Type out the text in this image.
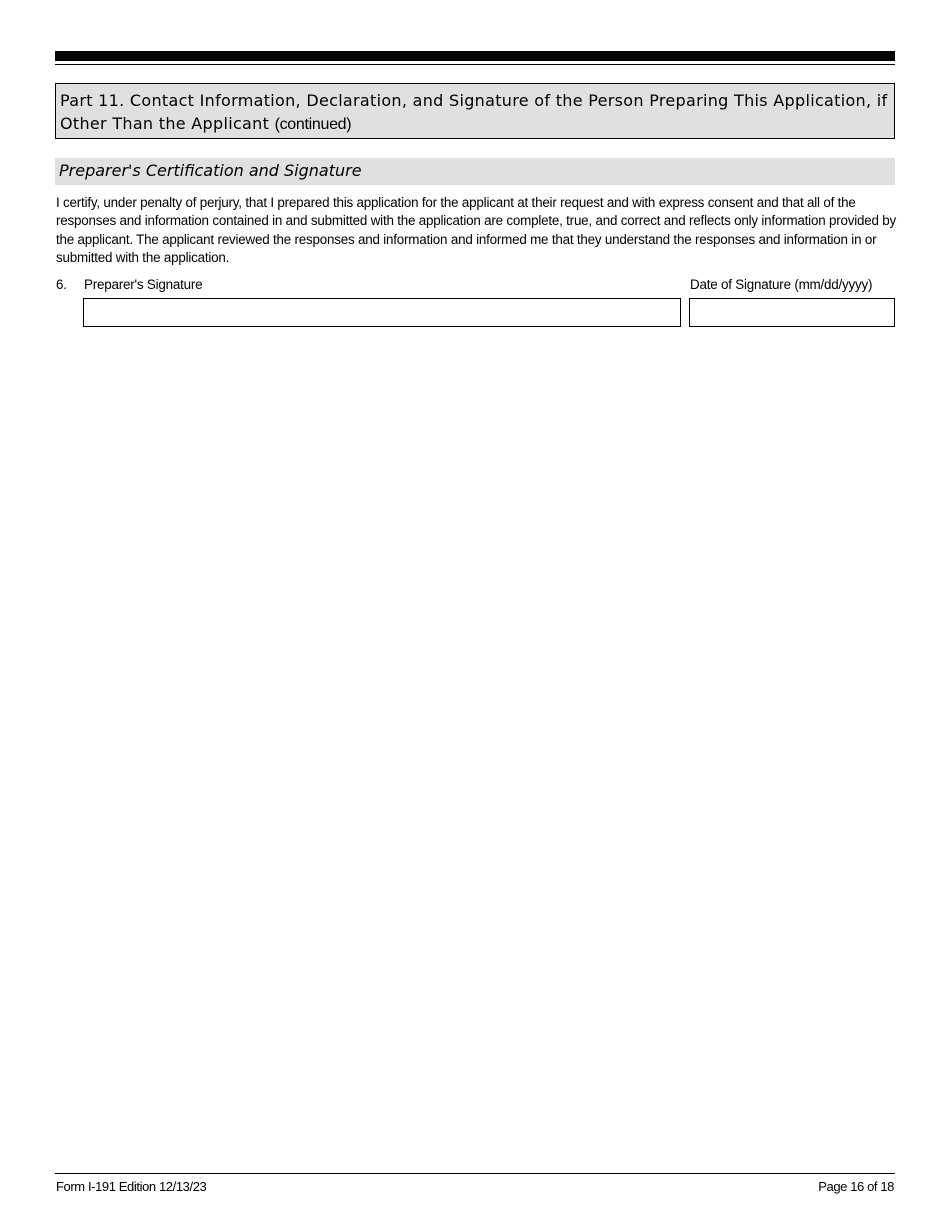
Part 11. Contact Information, Declaration, and Signature of the Person Preparing This Application, if Other Than the Applicant (continued)
Preparer's Certification and Signature
I certify, under penalty of perjury, that I prepared this application for the applicant at their request and with express consent and that all of the responses and information contained in and submitted with the application are complete, true, and correct and reflects only information provided by the applicant. The applicant reviewed the responses and information and informed me that they understand the responses and information in or submitted with the application.
6. Preparer's Signature	Date of Signature (mm/dd/yyyy)
Form I-191 Edition 12/13/23	Page 16 of 18
